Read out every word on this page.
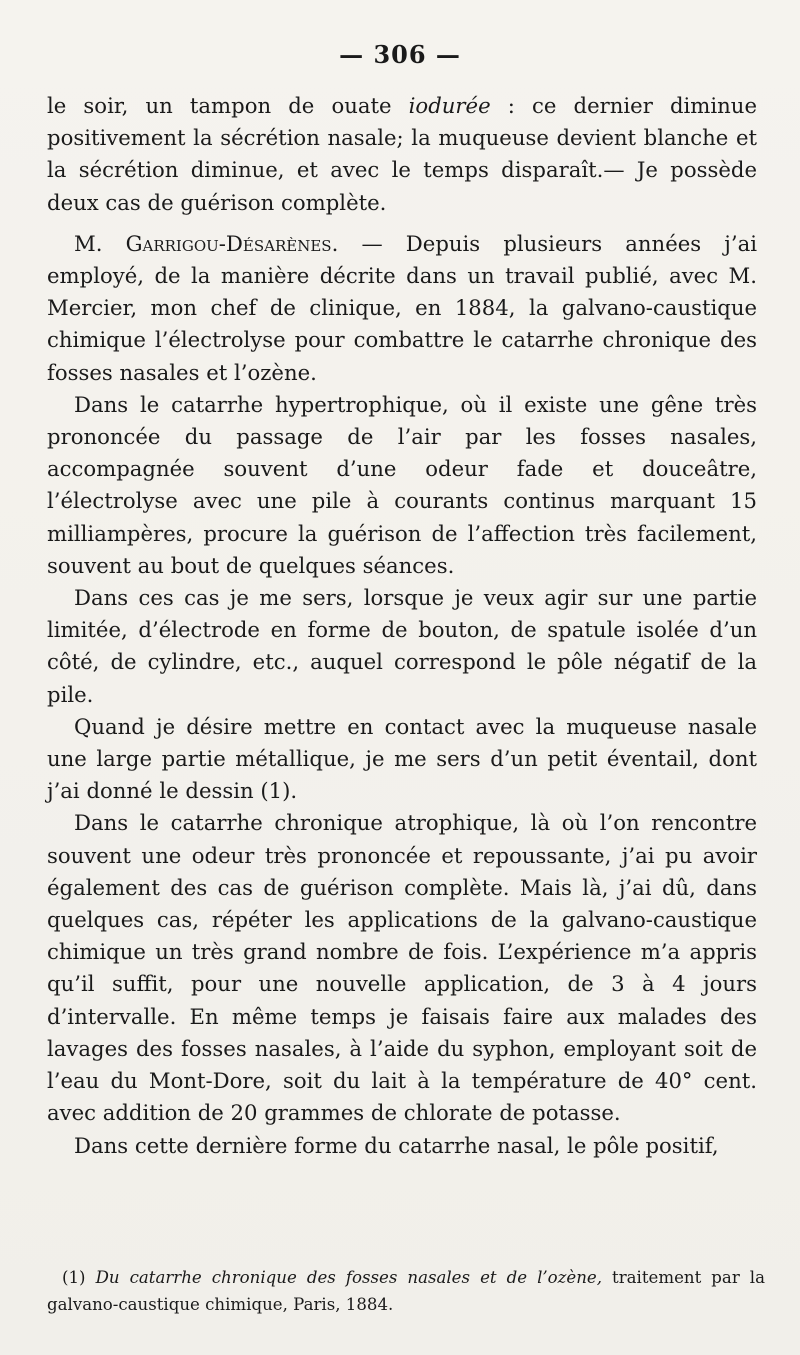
— 306 —

le soir, un tampon de ouate iodurée : ce dernier diminue positivement la sécrétion nasale; la muqueuse devient blanche et la sécrétion diminue, et avec le temps disparaît.— Je possède deux cas de guérison complète.

M. Garrigou-Désarènes. — Depuis plusieurs années j’ai employé, de la manière décrite dans un travail publié, avec M. Mercier, mon chef de clinique, en 1884, la galvano-caustique chimique l’électrolyse pour combattre le catarrhe chronique des fosses nasales et l’ozène.

Dans le catarrhe hypertrophique, où il existe une gêne très prononcée du passage de l’air par les fosses nasales, accompagnée souvent d’une odeur fade et douceâtre, l’électrolyse avec une pile à courants continus marquant 15 milliampères, procure la guérison de l’affection très facilement, souvent au bout de quelques séances.

Dans ces cas je me sers, lorsque je veux agir sur une partie limitée, d’électrode en forme de bouton, de spatule isolée d’un côté, de cylindre, etc., auquel correspond le pôle négatif de la pile.

Quand je désire mettre en contact avec la muqueuse nasale une large partie métallique, je me sers d’un petit éventail, dont j’ai donné le dessin (1).

Dans le catarrhe chronique atrophique, là où l’on rencontre souvent une odeur très prononcée et repoussante, j’ai pu avoir également des cas de guérison complète. Mais là, j’ai dû, dans quelques cas, répéter les applications de la galvano-caustique chimique un très grand nombre de fois. L’expérience m’a appris qu’il suffit, pour une nouvelle application, de 3 à 4 jours d’intervalle. En même temps je faisais faire aux malades des lavages des fosses nasales, à l’aide du syphon, employant soit de l’eau du Mont-Dore, soit du lait à la température de 40° cent. avec addition de 20 grammes de chlorate de potasse.

Dans cette dernière forme du catarrhe nasal, le pôle positif,

(1) Du catarrhe chronique des fosses nasales et de l’ozène, traitement par la galvano-caustique chimique, Paris, 1884.
